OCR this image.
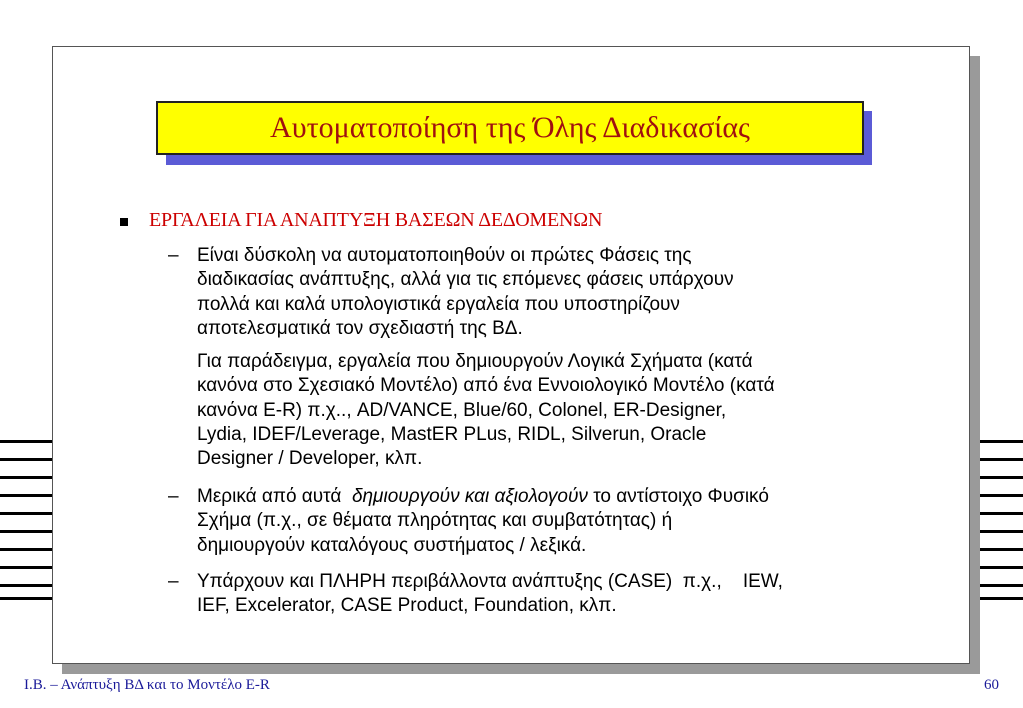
Αυτοματοποίηση της Όλης Διαδικασίας
ΕΡΓΑΛΕΙΑ ΓΙΑ ΑΝΑΠΤΥΞΗ ΒΑΣΕΩΝ ΔΕΔΟΜΕΝΩΝ
– Είναι δύσκολη να αυτοματοποιηθούν οι πρώτες Φάσεις της
διαδικασίας ανάπτυξης, αλλά για τις επόμενες φάσεις υπάρχουν
πολλά και καλά υπολογιστικά εργαλεία που υποστηρίζουν
αποτελεσματικά τον σχεδιαστή της ΒΔ.
Για παράδειγμα, εργαλεία που δημιουργούν Λογικά Σχήματα (κατά
κανόνα στο Σχεσιακό Μοντέλο) από ένα Εννοιολογικό Μοντέλο (κατά
κανόνα E-R) π.χ.., AD/VANCE, Blue/60, Colonel, ER-Designer,
Lydia, IDEF/Leverage, MastER PLus, RIDL, Silverun, Oracle
Designer / Developer, κλπ.
– Μερικά από αυτά  δημιουργούν και αξιολογούν το αντίστοιχο Φυσικό
Σχήμα (π.χ., σε θέματα πληρότητας και συμβατότητας) ή
δημιουργούν καταλόγους συστήματος / λεξικά.
– Υπάρχουν και ΠΛΗΡΗ περιβάλλοντα ανάπτυξης (CASE)  π.χ.,    IEW,
IEF, Excelerator, CASE Product, Foundation, κλπ.
Ι.Β. – Ανάπτυξη ΒΔ και το Μοντέλο E-R	60
